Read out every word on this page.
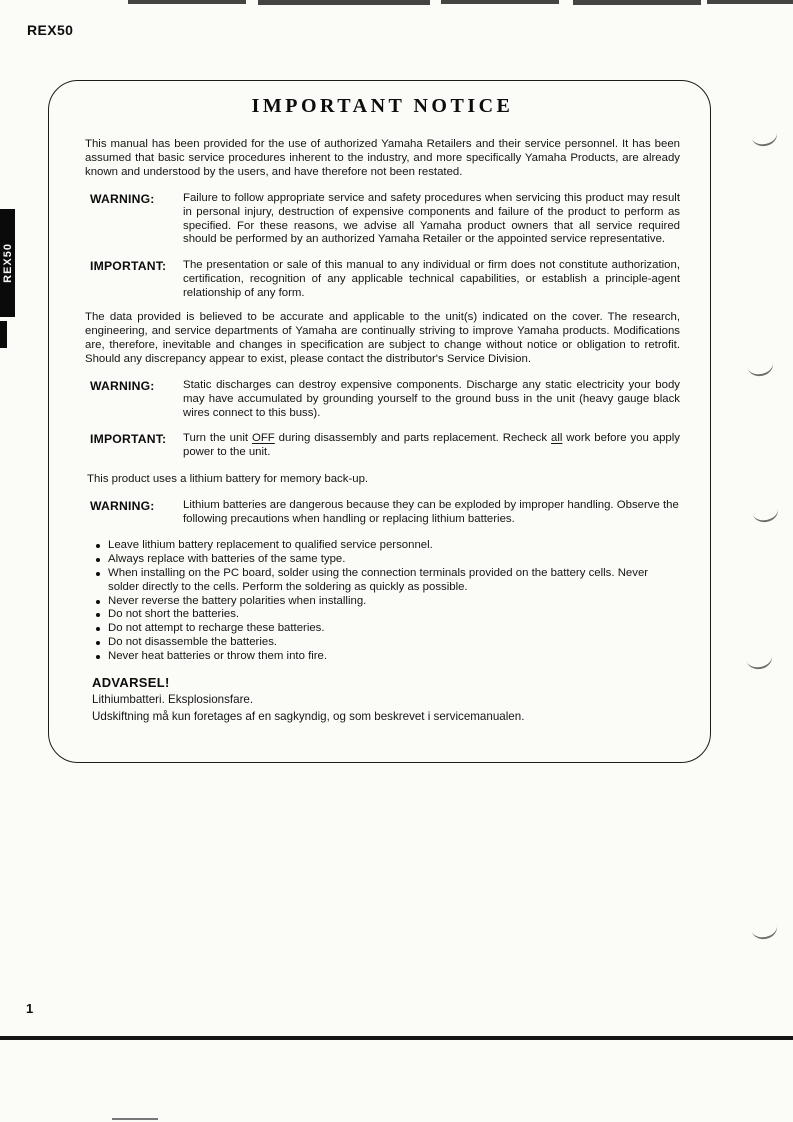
REX50
REX50
IMPORTANT NOTICE
This manual has been provided for the use of authorized Yamaha Retailers and their service personnel. It has been assumed that basic service procedures inherent to the industry, and more specifically Yamaha Products, are already known and understood by the users, and have therefore not been restated.
WARNING:	Failure to follow appropriate service and safety procedures when servicing this product may result in personal injury, destruction of expensive components and failure of the product to perform as specified. For these reasons, we advise all Yamaha product owners that all service required should be performed by an authorized Yamaha Retailer or the appointed service representative.
IMPORTANT:	The presentation or sale of this manual to any individual or firm does not constitute authorization, certification, recognition of any applicable technical capabilities, or establish a principle-agent relationship of any form.
The data provided is believed to be accurate and applicable to the unit(s) indicated on the cover. The research, engineering, and service departments of Yamaha are continually striving to improve Yamaha products. Modifications are, therefore, inevitable and changes in specification are subject to change without notice or obligation to retrofit. Should any discrepancy appear to exist, please contact the distributor's Service Division.
WARNING:	Static discharges can destroy expensive components. Discharge any static electricity your body may have accumulated by grounding yourself to the ground buss in the unit (heavy gauge black wires connect to this buss).
IMPORTANT:	Turn the unit OFF during disassembly and parts replacement. Recheck all work before you apply power to the unit.
This product uses a lithium battery for memory back-up.
WARNING:	Lithium batteries are dangerous because they can be exploded by improper handling. Observe the following precautions when handling or replacing lithium batteries.
Leave lithium battery replacement to qualified service personnel.
Always replace with batteries of the same type.
When installing on the PC board, solder using the connection terminals provided on the battery cells. Never solder directly to the cells. Perform the soldering as quickly as possible.
Never reverse the battery polarities when installing.
Do not short the batteries.
Do not attempt to recharge these batteries.
Do not disassemble the batteries.
Never heat batteries or throw them into fire.
ADVARSEL!
Lithiumbatteri. Eksplosionsfare.
Udskiftning må kun foretages af en sagkyndig, og som beskrevet i servicemanualen.
1
